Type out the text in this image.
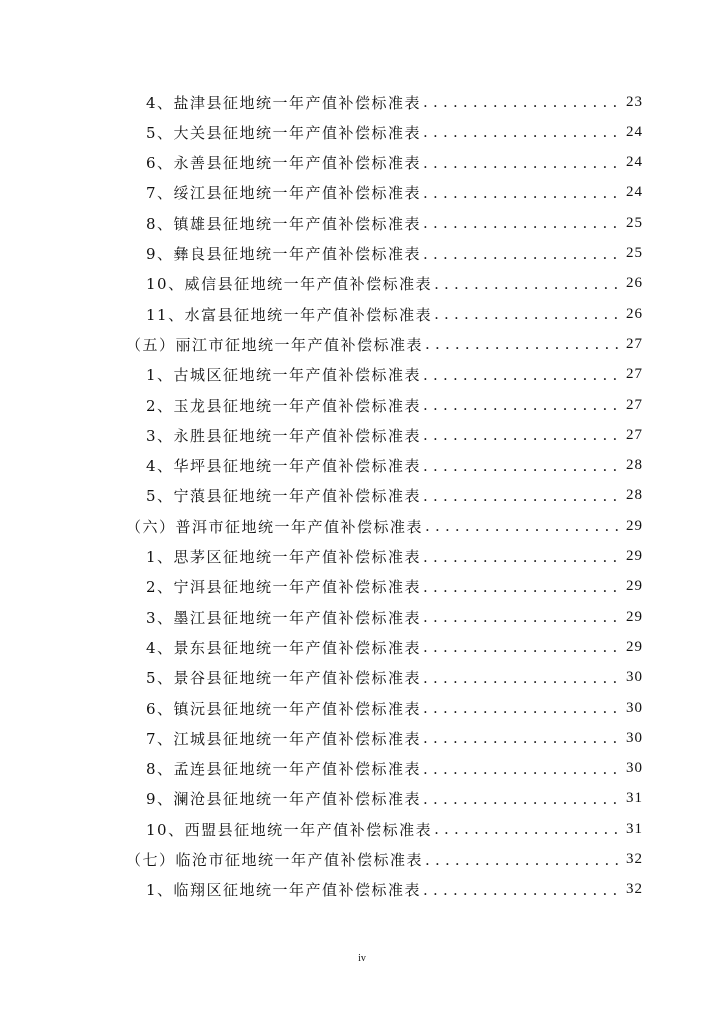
4、盐津县征地统一年产值补偿标准表 .....	23
5、大关县征地统一年产值补偿标准表 .....	24
6、永善县征地统一年产值补偿标准表 .....	24
7、绥江县征地统一年产值补偿标准表 .....	24
8、镇雄县征地统一年产值补偿标准表 .....	25
9、彝良县征地统一年产值补偿标准表 .....	25
10、威信县征地统一年产值补偿标准表 .....	26
11、水富县征地统一年产值补偿标准表 .....	26
（五）丽江市征地统一年产值补偿标准表 .....	27
1、古城区征地统一年产值补偿标准表 .....	27
2、玉龙县征地统一年产值补偿标准表 .....	27
3、永胜县征地统一年产值补偿标准表 .....	27
4、华坪县征地统一年产值补偿标准表 .....	28
5、宁蒗县征地统一年产值补偿标准表 .....	28
（六）普洱市征地统一年产值补偿标准表 .....	29
1、思茅区征地统一年产值补偿标准表 .....	29
2、宁洱县征地统一年产值补偿标准表 .....	29
3、墨江县征地统一年产值补偿标准表 .....	29
4、景东县征地统一年产值补偿标准表 .....	29
5、景谷县征地统一年产值补偿标准表 .....	30
6、镇沅县征地统一年产值补偿标准表 .....	30
7、江城县征地统一年产值补偿标准表 .....	30
8、孟连县征地统一年产值补偿标准表 .....	30
9、澜沧县征地统一年产值补偿标准表 .....	31
10、西盟县征地统一年产值补偿标准表 .....	31
（七）临沧市征地统一年产值补偿标准表 .....	32
1、临翔区征地统一年产值补偿标准表 .....	32
iv
